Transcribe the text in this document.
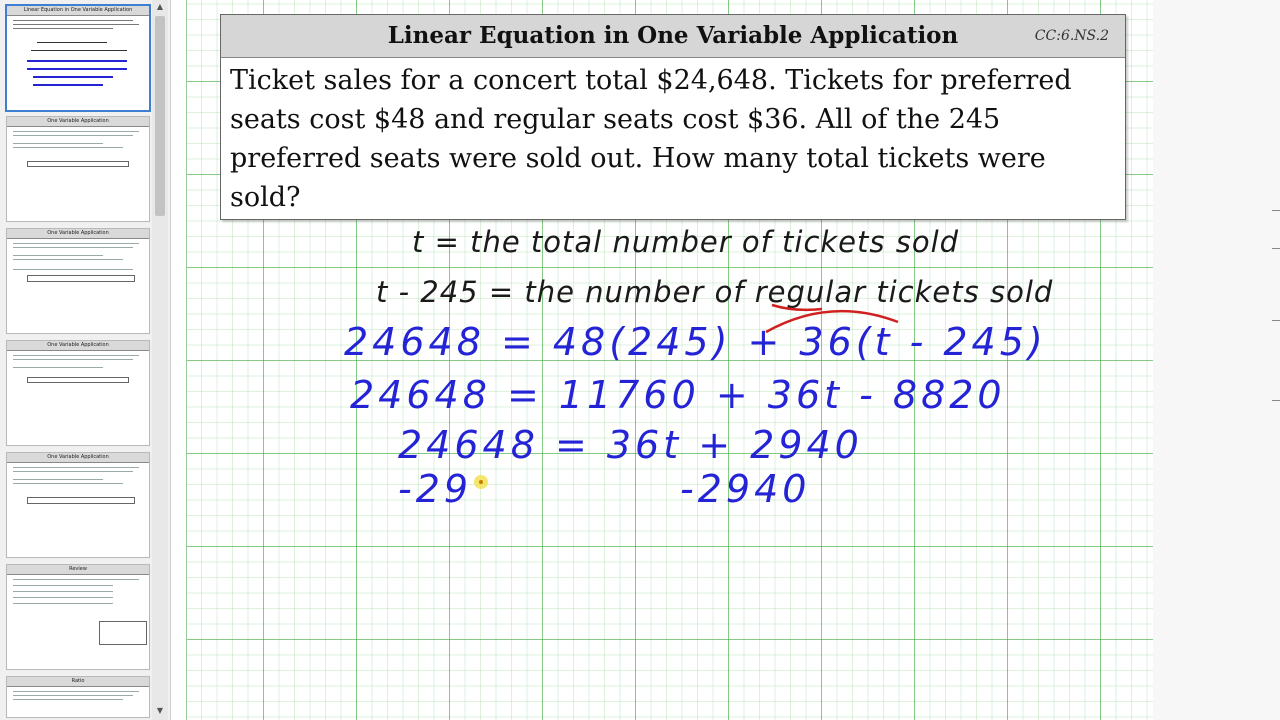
Linear Equation in One Variable Application
One Variable Application
One Variable Application
One Variable Application
One Variable Application
Review
Ratio
▲
▼
Linear Equation in One Variable Application	CC:6.NS.2

Ticket sales for a concert total $24,648. Tickets for preferred seats cost $48 and regular seats cost $36. All of the 245 preferred seats were sold out. How many total tickets were sold?

t = the total number of tickets sold
t - 245 = the number of regular tickets sold
24648 = 48(245) + 36(t - 245)
24648 = 11760 + 36t - 8820
24648 = 36t + 2940
-29	-2940
